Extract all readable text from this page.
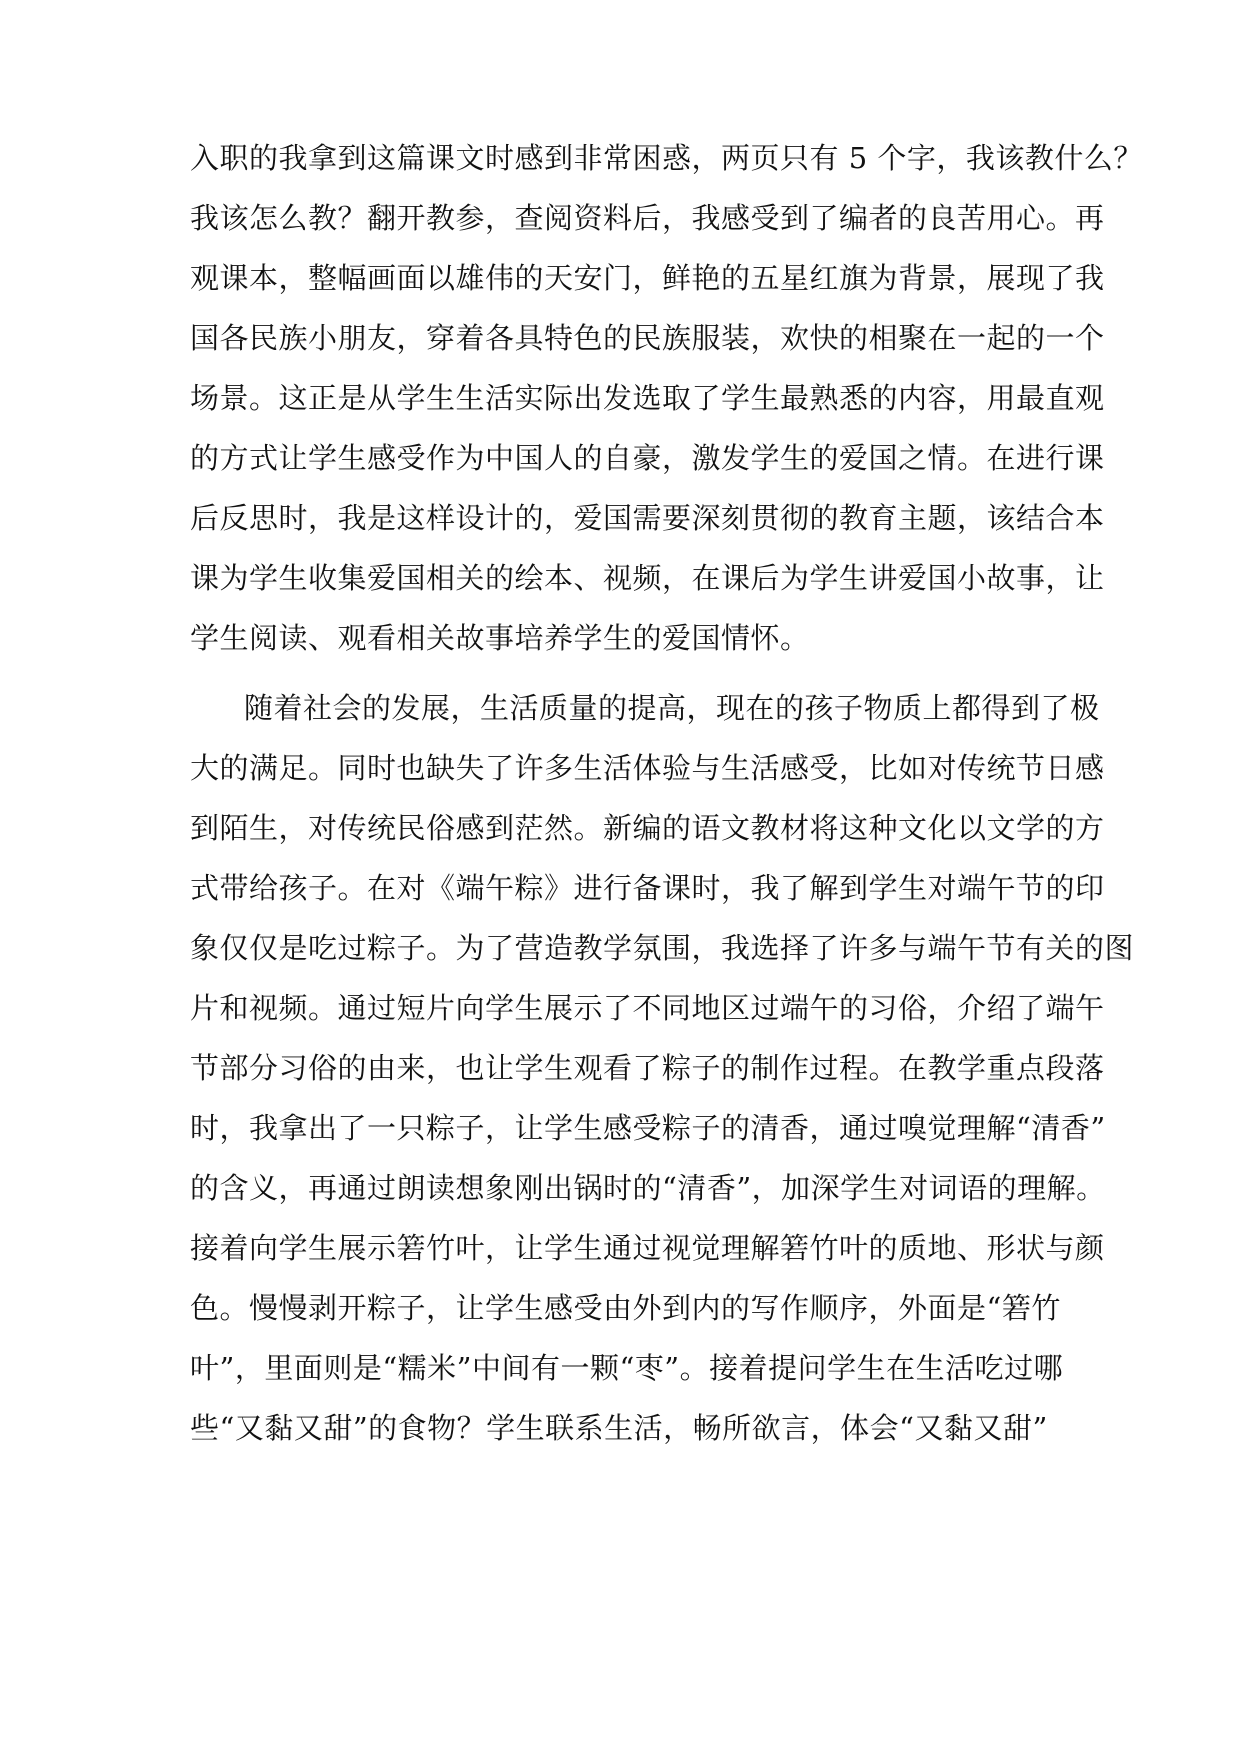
入职的我拿到这篇课文时感到非常困惑，两页只有 5 个字，我该教什么？
我该怎么教？翻开教参，查阅资料后，我感受到了编者的良苦用心。再
观课本，整幅画面以雄伟的天安门，鲜艳的五星红旗为背景，展现了我
国各民族小朋友，穿着各具特色的民族服装，欢快的相聚在一起的一个
场景。这正是从学生生活实际出发选取了学生最熟悉的内容，用最直观
的方式让学生感受作为中国人的自豪，激发学生的爱国之情。在进行课
后反思时，我是这样设计的，爱国需要深刻贯彻的教育主题，该结合本
课为学生收集爱国相关的绘本、视频，在课后为学生讲爱国小故事，让
学生阅读、观看相关故事培养学生的爱国情怀。
随着社会的发展，生活质量的提高，现在的孩子物质上都得到了极
大的满足。同时也缺失了许多生活体验与生活感受，比如对传统节日感
到陌生，对传统民俗感到茫然。新编的语文教材将这种文化以文学的方
式带给孩子。在对《端午粽》进行备课时，我了解到学生对端午节的印
象仅仅是吃过粽子。为了营造教学氛围，我选择了许多与端午节有关的图
片和视频。通过短片向学生展示了不同地区过端午的习俗，介绍了端午
节部分习俗的由来，也让学生观看了粽子的制作过程。在教学重点段落
时，我拿出了一只粽子，让学生感受粽子的清香，通过嗅觉理解“清香”
的含义，再通过朗读想象刚出锅时的“清香”，加深学生对词语的理解。
接着向学生展示箬竹叶，让学生通过视觉理解箬竹叶的质地、形状与颜
色。慢慢剥开粽子，让学生感受由外到内的写作顺序，外面是“箬竹
叶”，里面则是“糯米”中间有一颗“枣”。接着提问学生在生活吃过哪
些“又黏又甜”的食物？学生联系生活，畅所欲言，体会“又黏又甜”
